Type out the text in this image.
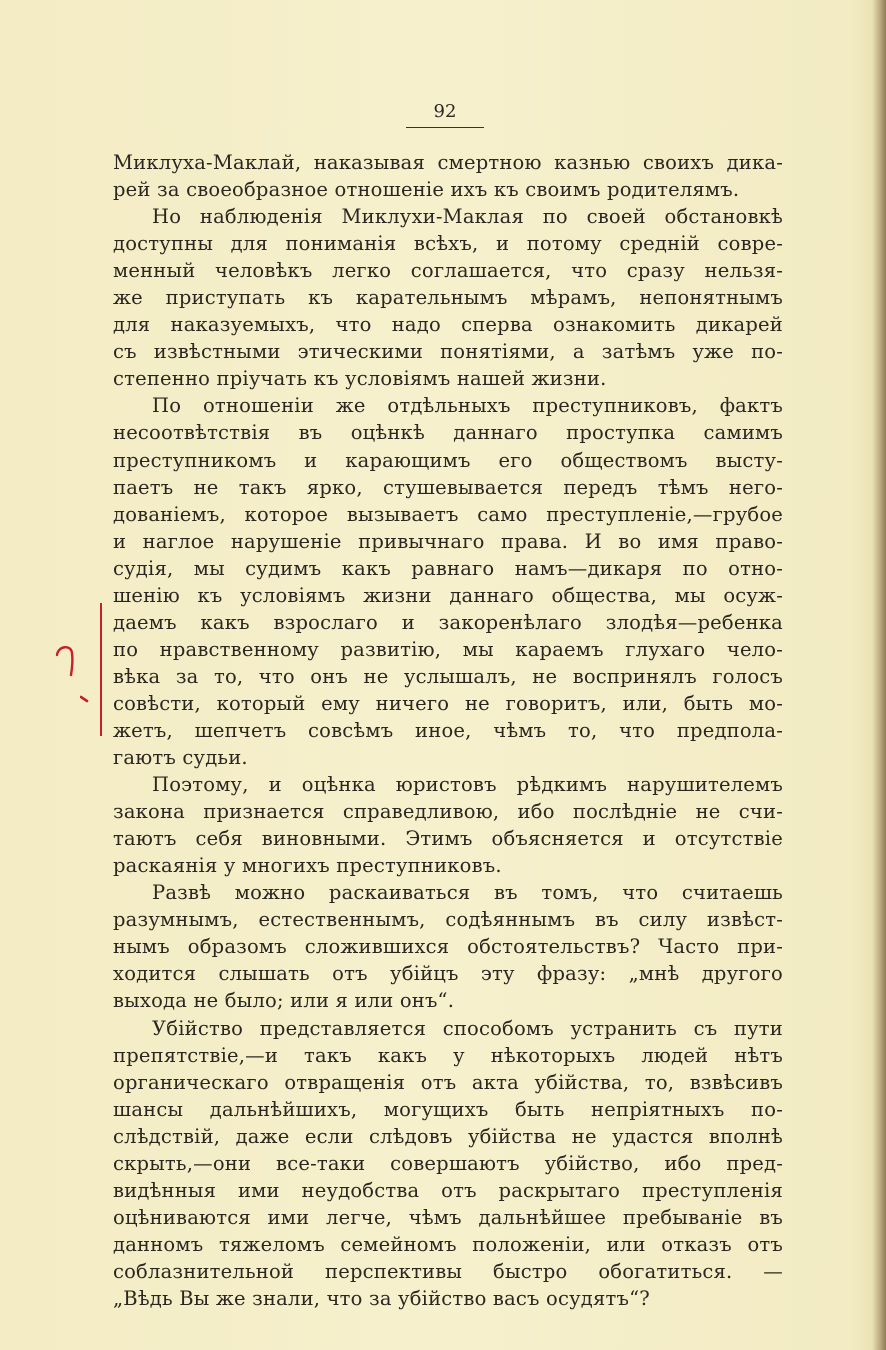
92
Миклуха-Маклай, наказывая смертною казнью своихъ дика-
рей за своеобразное отношеніе ихъ къ своимъ родителямъ.
Но наблюденія Миклухи-Маклая по своей обстановкѣ
доступны для пониманія всѣхъ, и потому средній совре-
менный человѣкъ легко соглашается, что сразу нельзя-
же приступать къ карательнымъ мѣрамъ, непонятнымъ
для наказуемыхъ, что надо сперва ознакомить дикарей
съ извѣстными этическими понятіями, а затѣмъ уже по-
степенно пріучать къ условіямъ нашей жизни.
По отношеніи же отдѣльныхъ преступниковъ, фактъ
несоотвѣтствія въ оцѣнкѣ даннаго проступка самимъ
преступникомъ и карающимъ его обществомъ высту-
паетъ не такъ ярко, стушевывается передъ тѣмъ него-
дованіемъ, которое вызываетъ само преступленіе,—грубое
и наглое нарушеніе привычнаго права. И во имя право-
судія, мы судимъ какъ равнаго намъ—дикаря по отно-
шенію къ условіямъ жизни даннаго общества, мы осуж-
даемъ какъ взрослаго и закоренѣлаго злодѣя—ребенка
по нравственному развитію, мы караемъ глухаго чело-
вѣка за то, что онъ не услышалъ, не воспринялъ голосъ
совѣсти, который ему ничего не говоритъ, или, быть мо-
жетъ, шепчетъ совсѣмъ иное, чѣмъ то, что предпола-
гаютъ судьи.
Поэтому, и оцѣнка юристовъ рѣдкимъ нарушителемъ
закона признается справедливою, ибо послѣдніе не счи-
таютъ себя виновными. Этимъ объясняется и отсутствіе
раскаянія у многихъ преступниковъ.
Развѣ можно раскаиваться въ томъ, что считаешь
разумнымъ, естественнымъ, содѣяннымъ въ силу извѣст-
нымъ образомъ сложившихся обстоятельствъ? Часто при-
ходится слышать отъ убійцъ эту фразу: „мнѣ другого
выхода не было; или я или онъ“.
Убійство представляется способомъ устранить съ пути
препятствіе,—и такъ какъ у нѣкоторыхъ людей нѣтъ
органическаго отвращенія отъ акта убійства, то, взвѣсивъ
шансы дальнѣйшихъ, могущихъ быть непріятныхъ по-
слѣдствій, даже если слѣдовъ убійства не удастся вполнѣ
скрыть,—они все-таки совершаютъ убійство, ибо пред-
видѣнныя ими неудобства отъ раскрытаго преступленія
оцѣниваются ими легче, чѣмъ дальнѣйшее пребываніе въ
данномъ тяжеломъ семейномъ положеніи, или отказъ отъ
соблазнительной перспективы быстро обогатиться. —
„Вѣдь Вы же знали, что за убійство васъ осудятъ“?
